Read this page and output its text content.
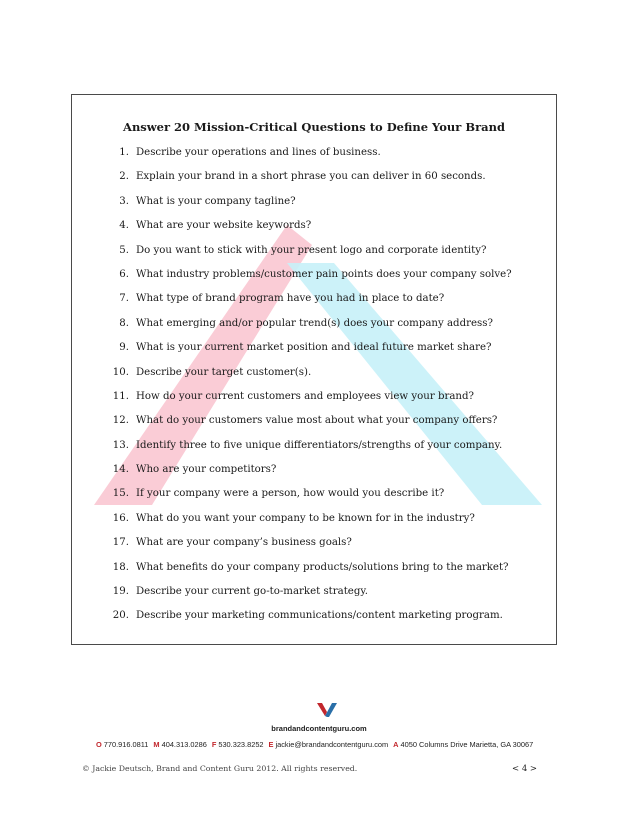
Answer 20 Mission-Critical Questions to Define Your Brand
1. Describe your operations and lines of business.
2. Explain your brand in a short phrase you can deliver in 60 seconds.
3. What is your company tagline?
4. What are your website keywords?
5. Do you want to stick with your present logo and corporate identity?
6. What industry problems/customer pain points does your company solve?
7. What type of brand program have you had in place to date?
8. What emerging and/or popular trend(s) does your company address?
9. What is your current market position and ideal future market share?
10. Describe your target customer(s).
11. How do your current customers and employees view your brand?
12. What do your customers value most about what your company offers?
13. Identify three to five unique differentiators/strengths of your company.
14. Who are your competitors?
15. If your company were a person, how would you describe it?
16. What do you want your company to be known for in the industry?
17. What are your company’s business goals?
18. What benefits do your company products/solutions bring to the market?
19. Describe your current go-to-market strategy.
20. Describe your marketing communications/content marketing program.
brandandcontentguru.com
O 770.916.0811 M 404.313.0286 F 530.323.8252 E jackie@brandandcontentguru.com A 4050 Columns Drive Marietta, GA 30067
© Jackie Deutsch, Brand and Content Guru 2012. All rights reserved.	< 4 >
